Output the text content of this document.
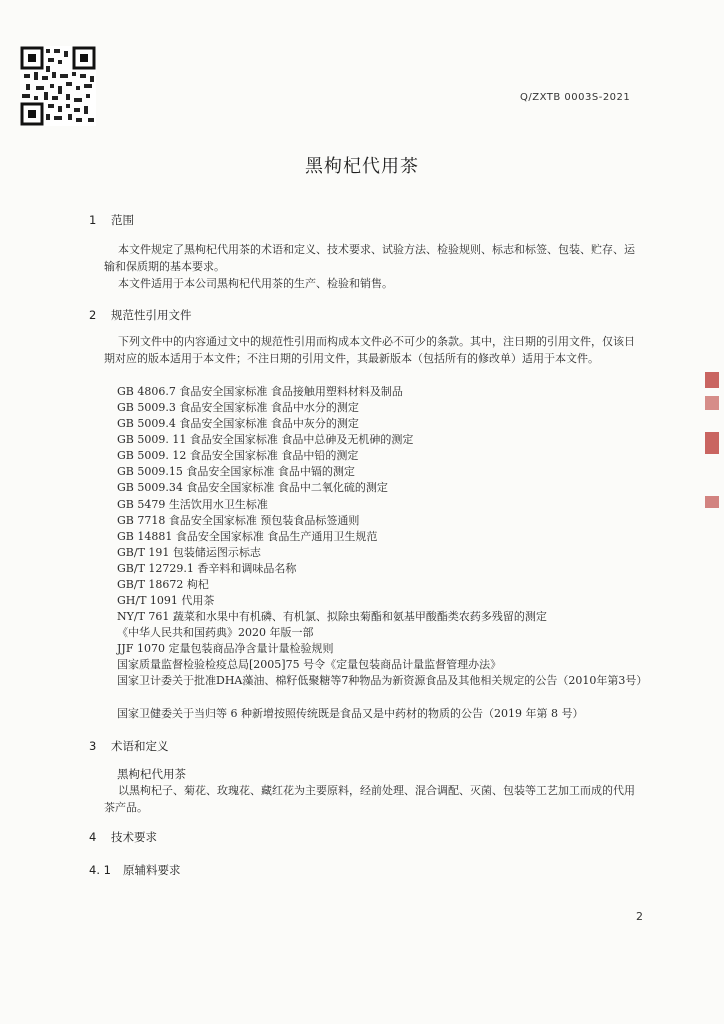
Q/ZXTB 0003S-2021
黑枸杞代用茶
1 范围
本文件规定了黑枸杞代用茶的术语和定义、技术要求、试验方法、检验规则、标志和标签、包装、贮存、运输和保质期的基本要求。
本文件适用于本公司黑枸杞代用茶的生产、检验和销售。
2 规范性引用文件
下列文件中的内容通过文中的规范性引用而构成本文件必不可少的条款。其中，注日期的引用文件，仅该日期对应的版本适用于本文件；不注日期的引用文件，其最新版本（包括所有的修改单）适用于本文件。
GB 4806.7 食品安全国家标准 食品接触用塑料材料及制品
GB 5009.3 食品安全国家标准 食品中水分的测定
GB 5009.4 食品安全国家标准 食品中灰分的测定
GB 5009. 11 食品安全国家标准 食品中总砷及无机砷的测定
GB 5009. 12 食品安全国家标准 食品中铅的测定
GB 5009.15 食品安全国家标准 食品中镉的测定
GB 5009.34 食品安全国家标准 食品中二氧化硫的测定
GB 5479 生活饮用水卫生标准
GB 7718 食品安全国家标准 预包装食品标签通则
GB 14881 食品安全国家标准 食品生产通用卫生规范
GB/T 191 包装储运图示标志
GB/T 12729.1 香辛料和调味品名称
GB/T 18672 枸杞
GH/T 1091 代用茶
NY/T 761 蔬菜和水果中有机磷、有机氯、拟除虫菊酯和氨基甲酸酯类农药多残留的测定
《中华人民共和国药典》2020 年版一部
JJF 1070 定量包装商品净含量计量检验规则
国家质量监督检验检疫总局[2005]75 号令《定量包装商品计量监督管理办法》
国家卫计委关于批准DHA藻油、棉籽低聚糖等7种物品为新资源食品及其他相关规定的公告（2010年第3号）
国家卫健委关于当归等 6 种新增按照传统既是食品又是中药材的物质的公告（2019 年第 8 号）
3 术语和定义
黑枸杞代用茶
以黑枸杞子、菊花、玫瑰花、藏红花为主要原料，经前处理、混合调配、灭菌、包装等工艺加工而成的代用茶产品。
4 技术要求
4. 1 原辅料要求
2
